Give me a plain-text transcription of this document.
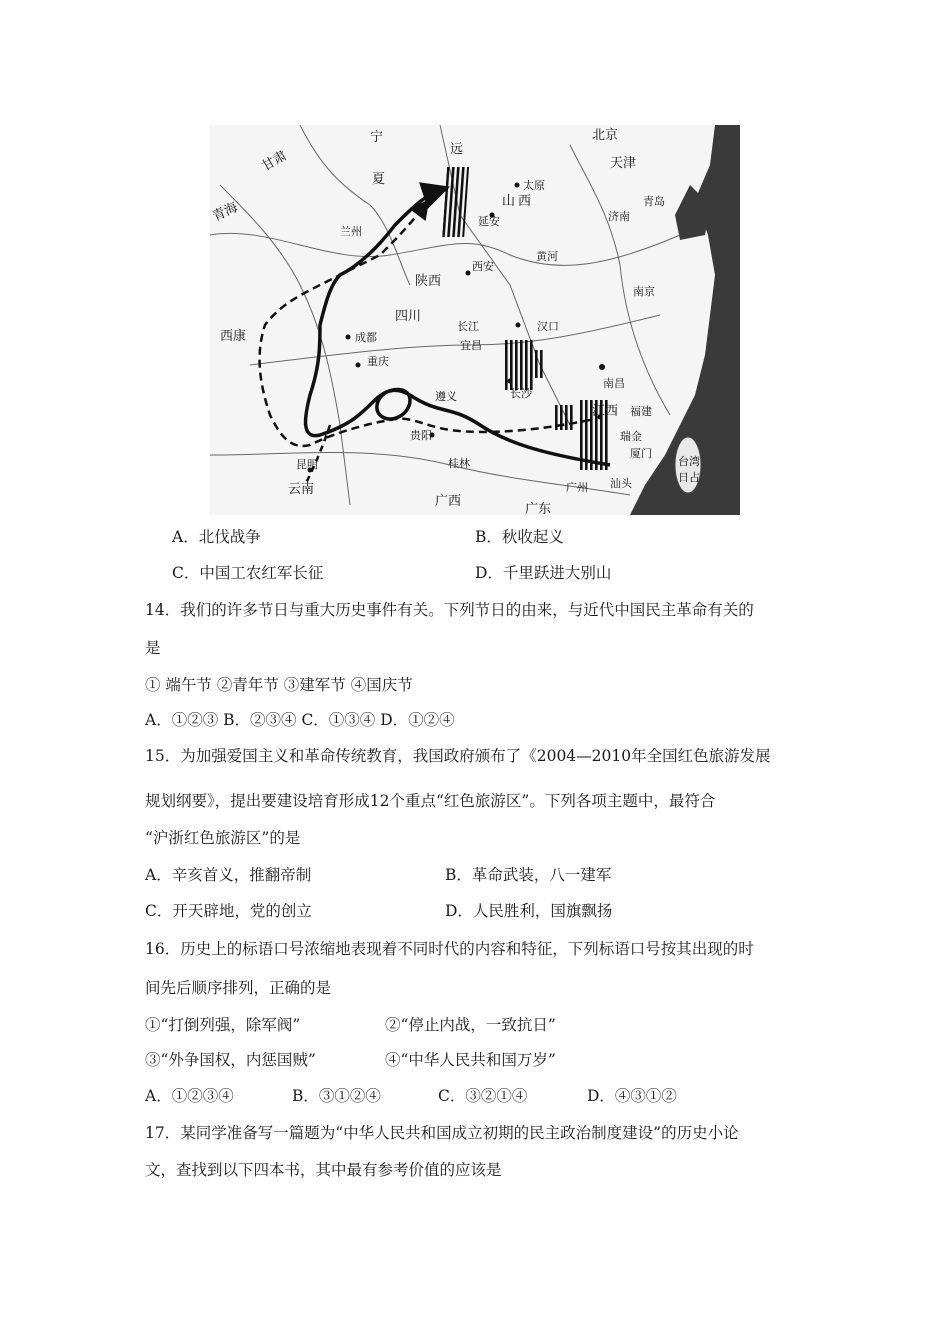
宁
甘肃
夏
远
北京
天津
太原
山 西
延安
青海
兰州
济南
青岛
陕西
西安
黄河
南京
西康
四川
成都
长江	汉口
重庆
宜昌
南昌
长沙
江西 福建
遵义
贵阳	瑞金
厦门
昆明
云南
桂林
广西
广东
广州 汕头
台湾
日占
A．北伐战争	B．秋收起义
C．中国工农红军长征	D．千里跃进大别山
14．我们的许多节日与重大历史事件有关。下列节日的由来，与近代中国民主革命有关的
是
① 端午节 ②青年节 ③建军节 ④国庆节
A．①②③ B．②③④ C．①③④ D．①②④
15．为加强爱国主义和革命传统教育，我国政府颁布了《2004—2010年全国红色旅游发展
规划纲要》，提出要建设培育形成12个重点“红色旅游区”。下列各项主题中，最符合
“沪浙红色旅游区”的是
A．辛亥首义，推翻帝制	B．革命武装，八一建军
C．开天辟地，党的创立	D．人民胜利，国旗飘扬
16．历史上的标语口号浓缩地表现着不同时代的内容和特征，下列标语口号按其出现的时
间先后顺序排列，正确的是
①“打倒列强，除军阀”	②“停止内战，一致抗日”
③“外争国权，内惩国贼”	④“中华人民共和国万岁”
A．①②③④	B．③①②④	C．③②①④	D．④③①②
17．某同学准备写一篇题为“中华人民共和国成立初期的民主政治制度建设”的历史小论
文，查找到以下四本书，其中最有参考价值的应该是
